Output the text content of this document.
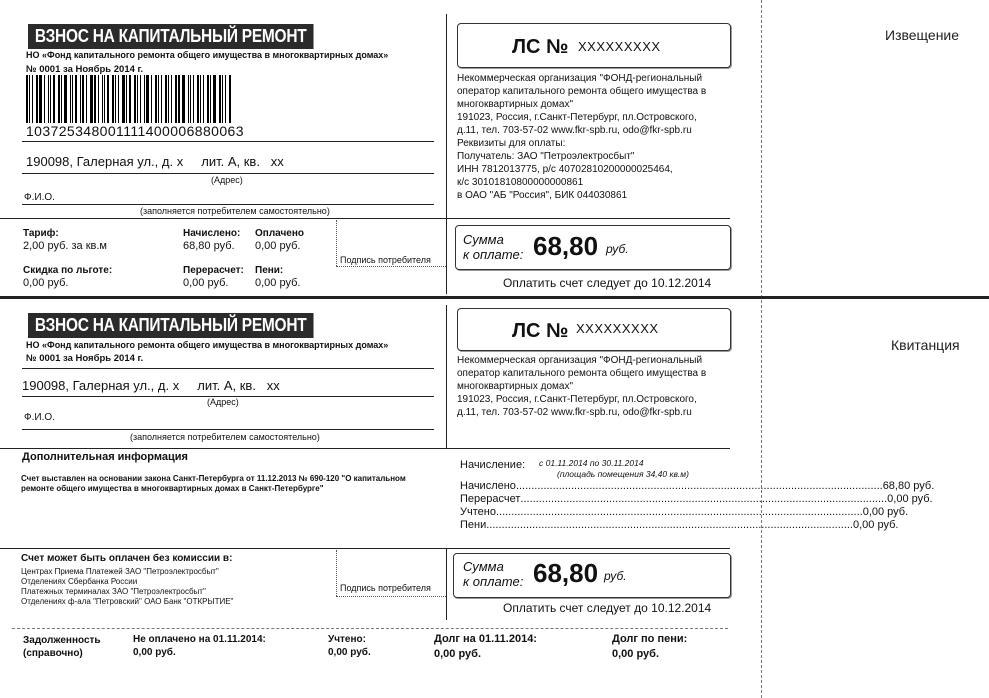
ВЗНОС НА КАПИТАЛЬНЫЙ РЕМОНТ
НО «Фонд капитального ремонта общего имущества в многоквартирных домах»
№ 0001 за Ноябрь 2014 г.
103725348001111400006880063
190098, Галерная ул., д. х     лит. А, кв.   хх
(Адрес)
Ф.И.О.
(заполняется потребителем самостоятельно)
Тариф:
2,00 руб. за кв.м
Начислено:
68,80 руб.
Оплачено
0,00 руб.
Скидка по льготе:
0,00 руб.
Перерасчет:
0,00 руб.
Пени:
0,00 руб.
Подпись потребителя
ЛС № XXXXXXXXX
Некоммерческая организация "ФОНД-региональный
оператор капитального ремонта общего имущества в
многоквартирных домах"
191023, Россия, г.Санкт-Петербург, пл.Островского,
д.11, тел. 703-57-02 www.fkr-spb.ru, odo@fkr-spb.ru
Реквизиты для оплаты:
Получатель: ЗАО "Петроэлектросбыт"
ИНН 7812013775, р/с 40702810200000025464,
к/с 30101810800000000861
в ОАО "АБ "Россия", БИК 044030861
Сумма
к оплате: 68,80 руб.
Оплатить счет следует до 10.12.2014
Извещение
ВЗНОС НА КАПИТАЛЬНЫЙ РЕМОНТ
НО «Фонд капитального ремонта общего имущества в многоквартирных домах»
№ 0001 за Ноябрь 2014 г.
190098, Галерная ул., д. х     лит. А, кв.   хх
(Адрес)
Ф.И.О.
(заполняется потребителем самостоятельно)
ЛС № XXXXXXXXX
Некоммерческая организация "ФОНД-региональный
оператор капитального ремонта общего имущества в
многоквартирных домах"
191023, Россия, г.Санкт-Петербург, пл.Островского,
д.11, тел. 703-57-02 www.fkr-spb.ru, odo@fkr-spb.ru
Дополнительная информация
Счет выставлен на основании закона Санкт-Петербурга от 11.12.2013 № 690-120 "О капитальном ремонте общего имущества в многоквартирных домах в Санкт-Петербурге"
Начисление: с 01.11.2014 по 30.11.2014
(площадь помещения 34,40 кв.м)
Начислено ........................................................................................................................ 68,80 руб.
Перерасчет ........................................................................................................................ 0,00 руб.
Учтено ........................................................................................................................ 0,00 руб.
Пени ........................................................................................................................ 0,00 руб.
Счет может быть оплачен без комиссии в:
Центрах Приема Платежей ЗАО "Петроэлектросбыт"
Отделениях Сбербанка России
Платежных терминалах ЗАО "Петроэлектросбыт"
Отделениях ф-ала "Петровский" ОАО Банк "ОТКРЫТИЕ"
Подпись потребителя
Сумма
к оплате: 68,80 руб.
Оплатить счет следует до 10.12.2014
Задолженность
(справочно)
Не оплачено на 01.11.2014:
0,00 руб.
Учтено:
0,00 руб.
Долг на 01.11.2014:
0,00 руб.
Долг по пени:
0,00 руб.
Квитанция
